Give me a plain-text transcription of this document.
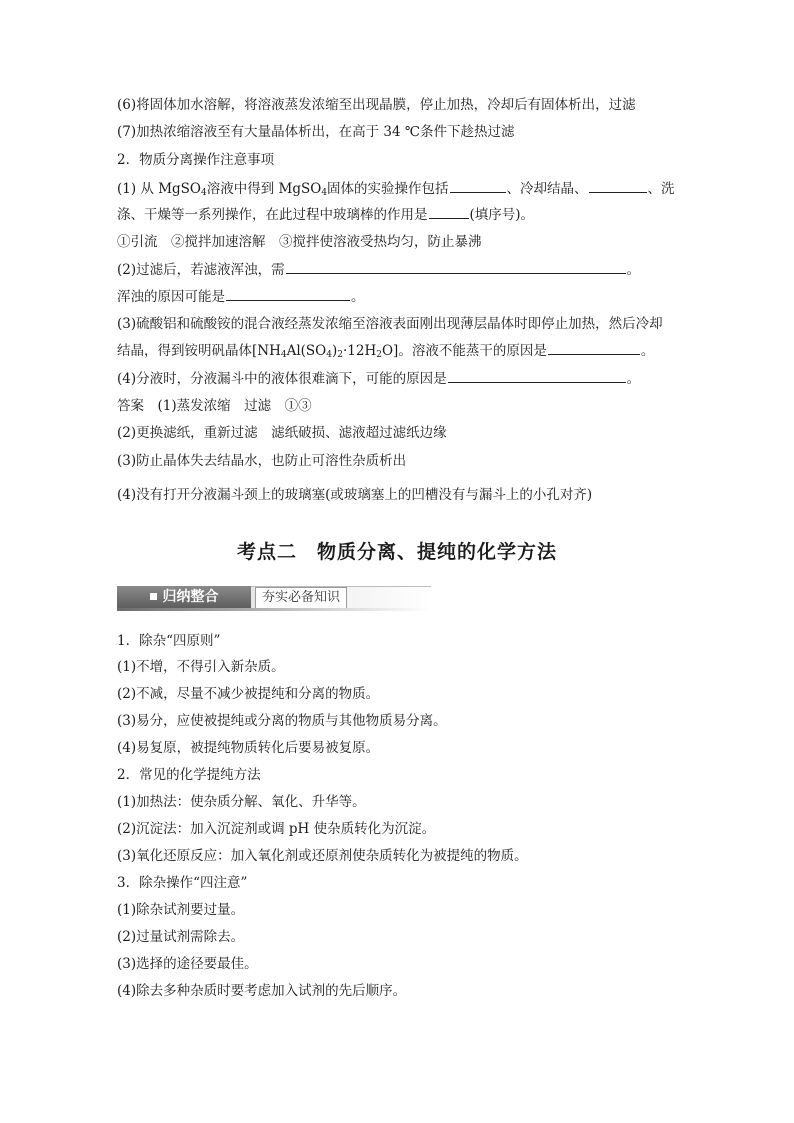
(6)将固体加水溶解，将溶液蒸发浓缩至出现晶膜，停止加热，冷却后有固体析出，过滤
(7)加热浓缩溶液至有大量晶体析出，在高于 34 ℃条件下趁热过滤
2．物质分离操作注意事项
(1) 从 MgSO$_4$溶液中得到 MgSO$_4$固体的实验操作包括	、冷却结晶、	、洗
涤、干燥等一系列操作，在此过程中玻璃棒的作用是	(填序号)。
①引流　②搅拌加速溶解　③搅拌使溶液受热均匀，防止暴沸
(2)过滤后，若滤液浑浊，需	。
浑浊的原因可能是	。
(3)硫酸铝和硫酸铵的混合液经蒸发浓缩至溶液表面刚出现薄层晶体时即停止加热，然后冷却
结晶，得到铵明矾晶体$[NH_4Al(SO_4)_2\cdot 12H_2O]$。溶液不能蒸干的原因是	。
(4)分液时，分液漏斗中的液体很难滴下，可能的原因是	。
答案　(1)蒸发浓缩　过滤　①③
(2)更换滤纸，重新过滤　滤纸破损、滤液超过滤纸边缘
(3)防止晶体失去结晶水，也防止可溶性杂质析出
(4)没有打开分液漏斗颈上的玻璃塞(或玻璃塞上的凹槽没有与漏斗上的小孔对齐)
考点二　物质分离、提纯的化学方法
归纳整合	夯实必备知识
1．除杂“四原则”
(1)不增，不得引入新杂质。
(2)不减，尽量不减少被提纯和分离的物质。
(3)易分，应使被提纯或分离的物质与其他物质易分离。
(4)易复原，被提纯物质转化后要易被复原。
2．常见的化学提纯方法
(1)加热法：使杂质分解、氧化、升华等。
(2)沉淀法：加入沉淀剂或调 pH 使杂质转化为沉淀。
(3)氧化还原反应：加入氧化剂或还原剂使杂质转化为被提纯的物质。
3．除杂操作“四注意”
(1)除杂试剂要过量。
(2)过量试剂需除去。
(3)选择的途径要最佳。
(4)除去多种杂质时要考虑加入试剂的先后顺序。
